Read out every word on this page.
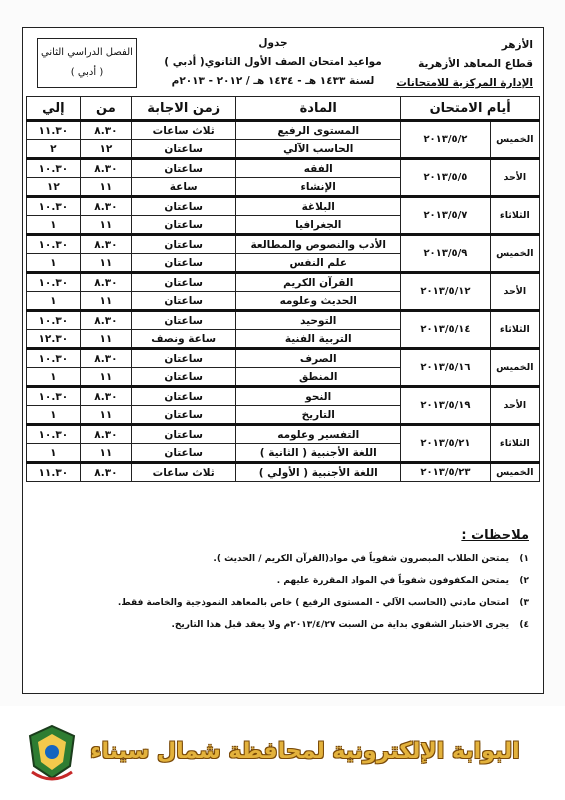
الأزهر
قطاع المعاهد الأزهرية
الإدارة المركزية للامتحانات
جدول
مواعيد امتحان الصف الأول الثانوي( أدبي )
لسنة ١٤٣٣ هـ - ١٤٣٤ هـ / ٢٠١٢ - ٢٠١٣م
الفصل الدراسي الثاني
( أدبي )
أيام الامتحان		المادة	زمن الاجابة	من	إلي
الخميس	٢٠١٣/٥/٢	المستوى الرفيع	ثلاث ساعات	٨.٣٠	١١.٣٠
		الحاسب الآلي	ساعتان	١٢	٢
الأحد	٢٠١٣/٥/٥	الفقه	ساعتان	٨.٣٠	١٠.٣٠
		الإنشاء	ساعة	١١	١٢
الثلاثاء	٢٠١٣/٥/٧	البلاغة	ساعتان	٨.٣٠	١٠.٣٠
		الجغرافيا	ساعتان	١١	١
الخميس	٢٠١٣/٥/٩	الأدب والنصوص والمطالعة	ساعتان	٨.٣٠	١٠.٣٠
		علم النفس	ساعتان	١١	١
الأحد	٢٠١٣/٥/١٢	القرآن الكريم	ساعتان	٨.٣٠	١٠.٣٠
		الحديث وعلومه	ساعتان	١١	١
الثلاثاء	٢٠١٣/٥/١٤	التوحيد	ساعتان	٨.٣٠	١٠.٣٠
		التربية الفنية	ساعة ونصف	١١	١٢.٣٠
الخميس	٢٠١٣/٥/١٦	الصرف	ساعتان	٨.٣٠	١٠.٣٠
		المنطق	ساعتان	١١	١
الأحد	٢٠١٣/٥/١٩	النحو	ساعتان	٨.٣٠	١٠.٣٠
		التاريخ	ساعتان	١١	١
الثلاثاء	٢٠١٣/٥/٢١	التفسير وعلومه	ساعتان	٨.٣٠	١٠.٣٠
		اللغة الأجنبية ( الثانية )	ساعتان	١١	١
الخميس	٢٠١٣/٥/٢٣	اللغة الأجنبية ( الأولي )	ثلاث ساعات	٨.٣٠	١١.٣٠
ملاحظات :
١)
يمتحن الطلاب المبصرون شفوياً في مواد(القرآن الكريم / الحديث ).
٢)
يمتحن المكفوفون شفوياً في المواد المقررة عليهم .
٣)
امتحان مادتي (الحاسب الآلي - المستوى الرفيع ) خاص بالمعاهد النموذجية والخاصة فقط.
٤)
يجرى الاختبار الشفوي بداية من السبت ٢٠١٣/٤/٢٧م ولا يعقد قبل هذا التاريخ.
البوابة الإلكترونية لمحافظة شمال سيناء
